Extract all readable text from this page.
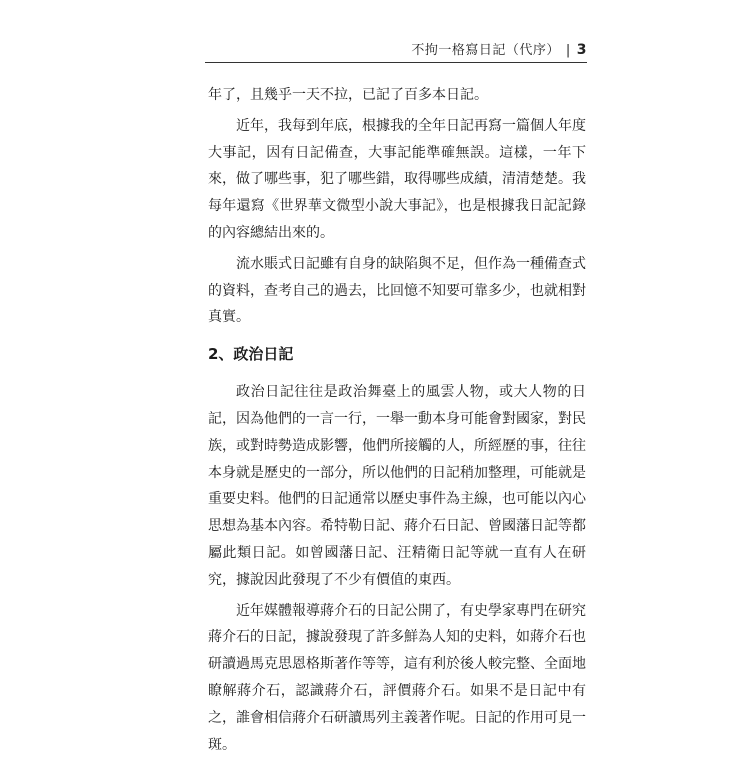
不拘一格寫日記（代序） | 3

年了，且幾乎一天不拉，已記了百多本日記。

近年，我每到年底，根據我的全年日記再寫一篇個人年度大事記，因有日記備查，大事記能準確無誤。這樣，一年下來，做了哪些事，犯了哪些錯，取得哪些成績，清清楚楚。我每年還寫《世界華文微型小說大事記》，也是根據我日記記錄的內容總結出來的。

流水賬式日記雖有自身的缺陷與不足，但作為一種備查式的資料，查考自己的過去，比回憶不知要可靠多少，也就相對真實。

2、政治日記

政治日記往往是政治舞臺上的風雲人物，或大人物的日記，因為他們的一言一行，一舉一動本身可能會對國家，對民族，或對時勢造成影響，他們所接觸的人，所經歷的事，往往本身就是歷史的一部分，所以他們的日記稍加整理，可能就是重要史料。他們的日記通常以歷史事件為主線，也可能以內心思想為基本內容。希特勒日記、蔣介石日記、曾國藩日記等都屬此類日記。如曾國藩日記、汪精衛日記等就一直有人在研究，據說因此發現了不少有價值的東西。

近年媒體報導蔣介石的日記公開了，有史學家專門在研究蔣介石的日記，據說發現了許多鮮為人知的史料，如蔣介石也研讀過馬克思恩格斯著作等等，這有利於後人較完整、全面地瞭解蔣介石，認識蔣介石，評價蔣介石。如果不是日記中有之，誰會相信蔣介石研讀馬列主義著作呢。日記的作用可見一斑。
